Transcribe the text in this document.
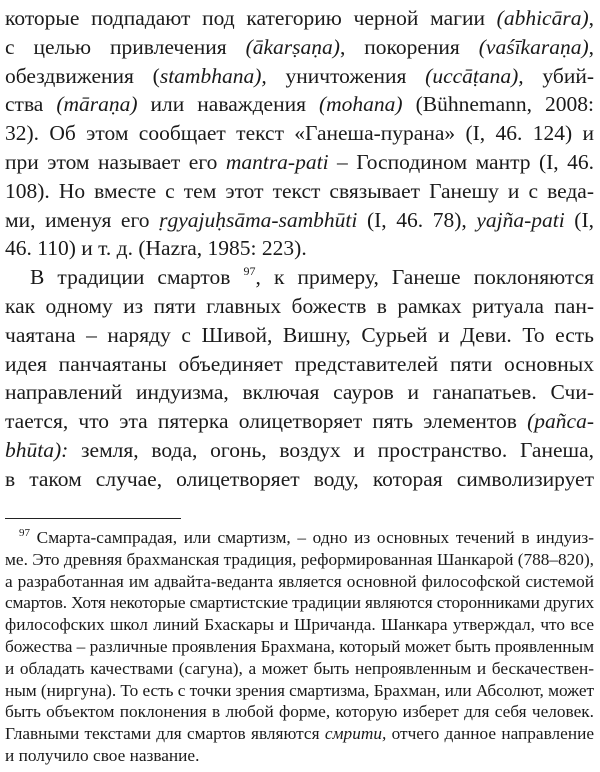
которые подпадают под категорию черной магии (abhicāra),
с целью привлечения (ākarṣaṇa), покорения (vaśīkaraṇa),
обездвижения (stambhana), уничтожения (uccāṭana), убий-
ства (māraṇa) или наваждения (mohana) (Bühnemann, 2008:
32). Об этом сообщает текст «Ганеша-пурана» (I, 46. 124) и
при этом называет его mantra-pati – Господином мантр (I, 46.
108). Но вместе с тем этот текст связывает Ганешу и с веда-
ми, именуя его ṛgyajuḥsāma-sambhūti (I, 46. 78), yajña-pati (I,
46. 110) и т. д. (Hazra, 1985: 223).
В традиции смартов $^{97}$, к примеру, Ганеше поклоняются
как одному из пяти главных божеств в рамках ритуала пан-
чаятана – наряду с Шивой, Вишну, Сурьей и Деви. То есть
идея панчаятаны объединяет представителей пяти основных
направлений индуизма, включая сауров и ганапатьев. Счи-
тается, что эта пятерка олицетворяет пять элементов (pañca-
bhūta): земля, вода, огонь, воздух и пространство. Ганеша,
в таком случае, олицетворяет воду, которая символизирует
$^{97}$ Смарта-сампрадая, или смартизм, – одно из основных течений в индуиз-
ме. Это древняя брахманская традиция, реформированная Шанкарой (788–820),
а разработанная им адвайта-веданта является основной философской системой
смартов. Хотя некоторые смартистские традиции являются сторонниками других
философских школ линий Бхаскары и Шричанда. Шанкара утверждал, что все
божества – различные проявления Брахмана, который может быть проявленным
и обладать качествами (сагуна), а может быть непроявленным и бескачествен-
ным (ниргуна). То есть с точки зрения смартизма, Брахман, или Абсолют, может
быть объектом поклонения в любой форме, которую изберет для себя человек.
Главными текстами для смартов являются смрити, отчего данное направление
и получило свое название.
